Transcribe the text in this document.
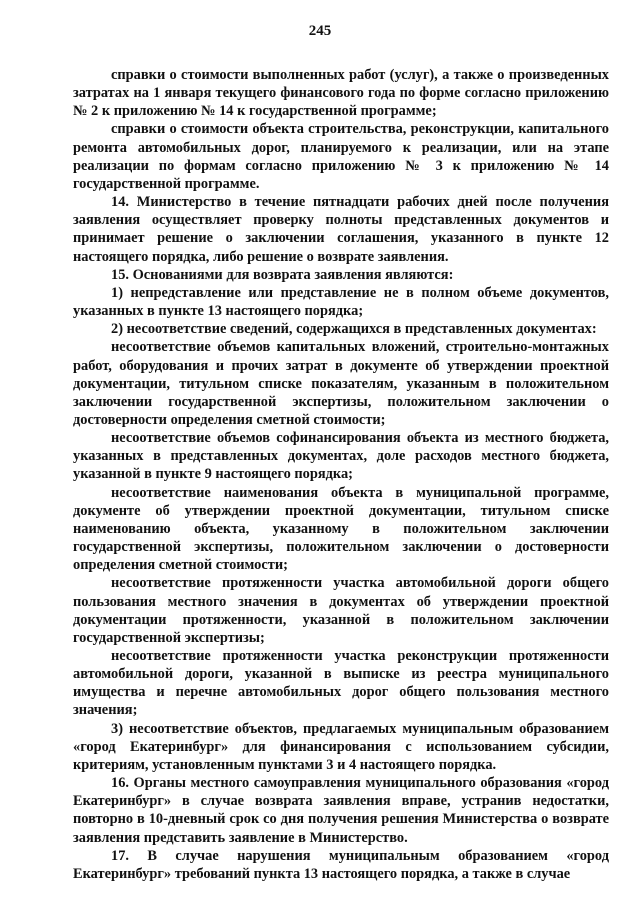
245

справки о стоимости выполненных работ (услуг), а также о произведенных затратах на 1 января текущего финансового года по форме согласно приложению № 2 к приложению № 14 к государственной программе;

справки о стоимости объекта строительства, реконструкции, капитального ремонта автомобильных дорог, планируемого к реализации, или на этапе реализации по формам согласно приложению № 3 к приложению № 14 государственной программе.

14. Министерство в течение пятнадцати рабочих дней после получения заявления осуществляет проверку полноты представленных документов и принимает решение о заключении соглашения, указанного в пункте 12 настоящего порядка, либо решение о возврате заявления.

15. Основаниями для возврата заявления являются:

1) непредставление или представление не в полном объеме документов, указанных в пункте 13 настоящего порядка;

2) несоответствие сведений, содержащихся в представленных документах:

несоответствие объемов капитальных вложений, строительно-монтажных работ, оборудования и прочих затрат в документе об утверждении проектной документации, титульном списке показателям, указанным в положительном заключении государственной экспертизы, положительном заключении о достоверности определения сметной стоимости;

несоответствие объемов софинансирования объекта из местного бюджета, указанных в представленных документах, доле расходов местного бюджета, указанной в пункте 9 настоящего порядка;

несоответствие наименования объекта в муниципальной программе, документе об утверждении проектной документации, титульном списке наименованию объекта, указанному в положительном заключении государственной экспертизы, положительном заключении о достоверности определения сметной стоимости;

несоответствие протяженности участка автомобильной дороги общего пользования местного значения в документах об утверждении проектной документации протяженности, указанной в положительном заключении государственной экспертизы;

несоответствие протяженности участка реконструкции протяженности автомобильной дороги, указанной в выписке из реестра муниципального имущества и перечне автомобильных дорог общего пользования местного значения;

3) несоответствие объектов, предлагаемых муниципальным образованием «город Екатеринбург» для финансирования с использованием субсидии, критериям, установленным пунктами 3 и 4 настоящего порядка.

16. Органы местного самоуправления муниципального образования «город Екатеринбург» в случае возврата заявления вправе, устранив недостатки, повторно в 10-дневный срок со дня получения решения Министерства о возврате заявления представить заявление в Министерство.

17. В случае нарушения муниципальным образованием «город Екатеринбург» требований пункта 13 настоящего порядка, а также в случае
